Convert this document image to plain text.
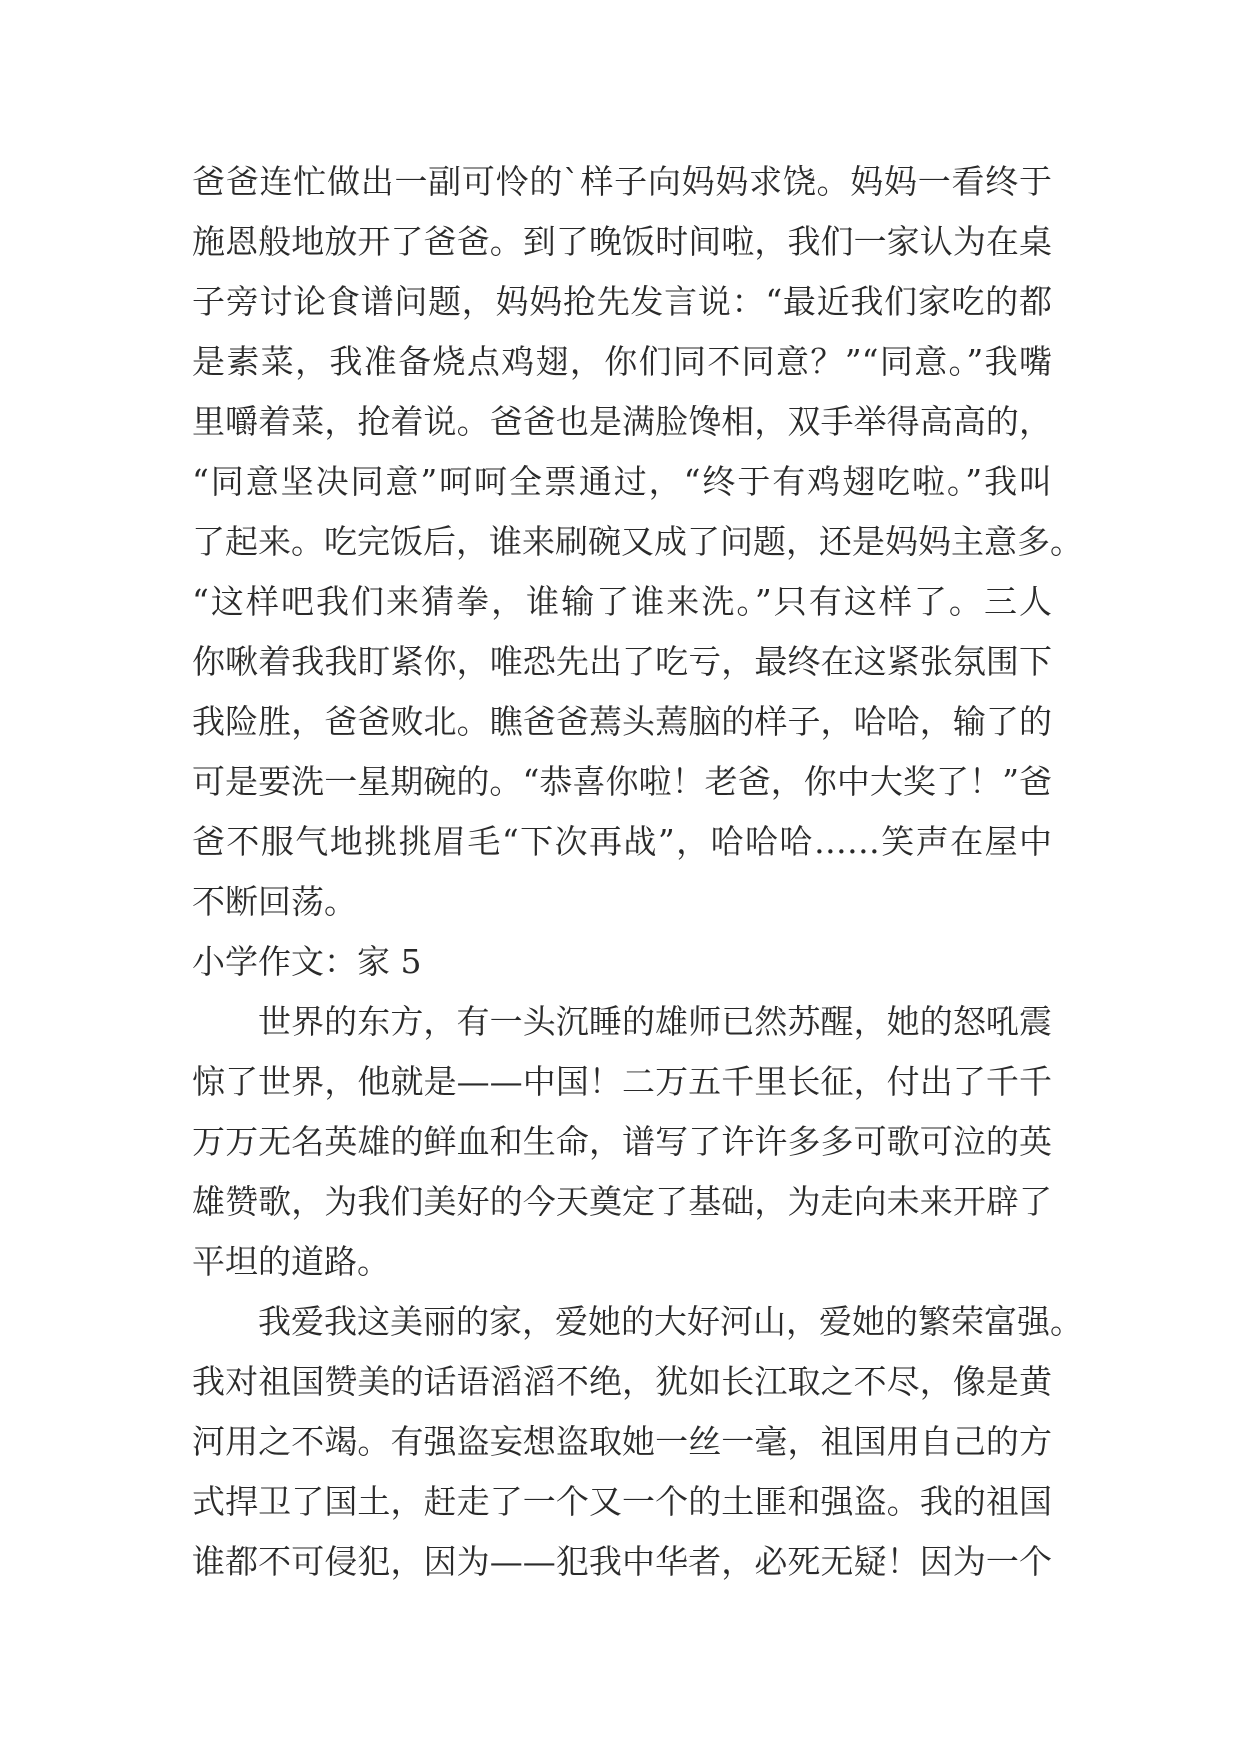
爸爸连忙做出一副可怜的`样子向妈妈求饶。妈妈一看终于
施恩般地放开了爸爸。到了晚饭时间啦，我们一家认为在桌
子旁讨论食谱问题，妈妈抢先发言说：“最近我们家吃的都
是素菜，我准备烧点鸡翅，你们同不同意？”“同意。”我嘴
里嚼着菜，抢着说。爸爸也是满脸馋相，双手举得高高的，
“同意坚决同意”呵呵全票通过，“终于有鸡翅吃啦。”我叫
了起来。吃完饭后，谁来刷碗又成了问题，还是妈妈主意多。
“这样吧我们来猜拳，谁输了谁来洗。”只有这样了。三人
你啾着我我盯紧你，唯恐先出了吃亏，最终在这紧张氛围下
我险胜，爸爸败北。瞧爸爸蔫头蔫脑的样子，哈哈，输了的
可是要洗一星期碗的。“恭喜你啦！老爸，你中大奖了！”爸
爸不服气地挑挑眉毛“下次再战”，哈哈哈……笑声在屋中
不断回荡。
小学作文：家 5
世界的东方，有一头沉睡的雄师已然苏醒，她的怒吼震
惊了世界，他就是——中国！二万五千里长征，付出了千千
万万无名英雄的鲜血和生命，谱写了许许多多可歌可泣的英
雄赞歌，为我们美好的今天奠定了基础，为走向未来开辟了
平坦的道路。
我爱我这美丽的家，爱她的大好河山，爱她的繁荣富强。
我对祖国赞美的话语滔滔不绝，犹如长江取之不尽，像是黄
河用之不竭。有强盗妄想盗取她一丝一毫，祖国用自己的方
式捍卫了国土，赶走了一个又一个的土匪和强盗。我的祖国
谁都不可侵犯，因为——犯我中华者，必死无疑！因为一个
